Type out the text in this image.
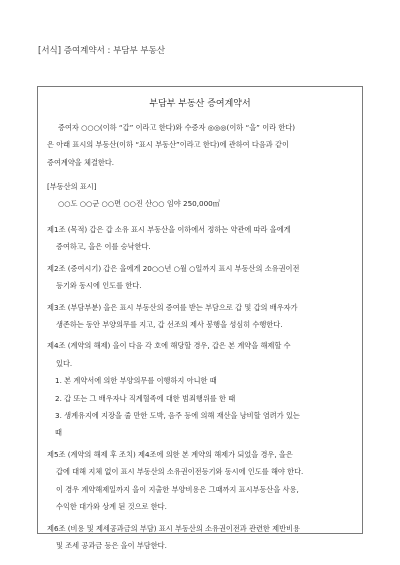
[서식] 증여계약서 : 부담부 부동산
부담부 부동산 증여계약서

증여자 ○○○(이하 “갑” 이라고 한다)와 수증자 ◎◎◎(이하 “을” 이라 한다)

은 아래 표시의 부동산(이하 “표시 부동산”이라고 한다)에 관하여 다음과 같이

증여계약을 체결한다.

[부동산의 표시]

○○도 ○○군 ○○면 ○○진 산○○ 임야 250,000㎡

제1조 (목적) 갑은 갑 소유 표시 부동산을 이하에서 정하는 약관에 따라 을에게

증여하고, 을은 이를 승낙한다.

제2조 (증여시기) 갑은 을에게 20○○년 ○월 ○일까지 표시 부동산의 소유권이전

등기와 동시에 인도를 한다.

제3조 (부담부분) 을은 표시 부동산의 증여를 받는 부담으로 갑 및 갑의 배우자가

생존하는 동안 부양의무를 지고, 갑 선조의 제사 봉행을 성심히 수행한다.

제4조 (계약의 해제) 을이 다음 각 호에 해당할 경우, 갑은 본 계약을 해제할 수

있다.

1. 본 계약서에 의한 부양의무를 이행하지 아니한 때

2. 갑 또는 그 배우자나 직계혈족에 대한 범죄행위를 한 때

3. 생계유지에 지장을 줄 만한 도박, 음주 등에 의해 재산을 낭비할 염려가 있는

때

제5조 (계약의 해제 후 조치) 제4조에 의한 본 계약의 해제가 되었을 경우, 을은

갑에 대해 지체 없이 표시 부동산의 소유권이전등기와 동시에 인도를 해야 한다.

이 경우 계약해제일까지 을이 지출한 부양비용은 그때까지 표시부동산을 사용,

수익한 대가와 상계 된 것으로 한다.

제6조 (비용 및 제세공과금의 부담) 표시 부동산의 소유권이전과 관련한 제반비용

및 조세 공과금 등은 을이 부담한다.
